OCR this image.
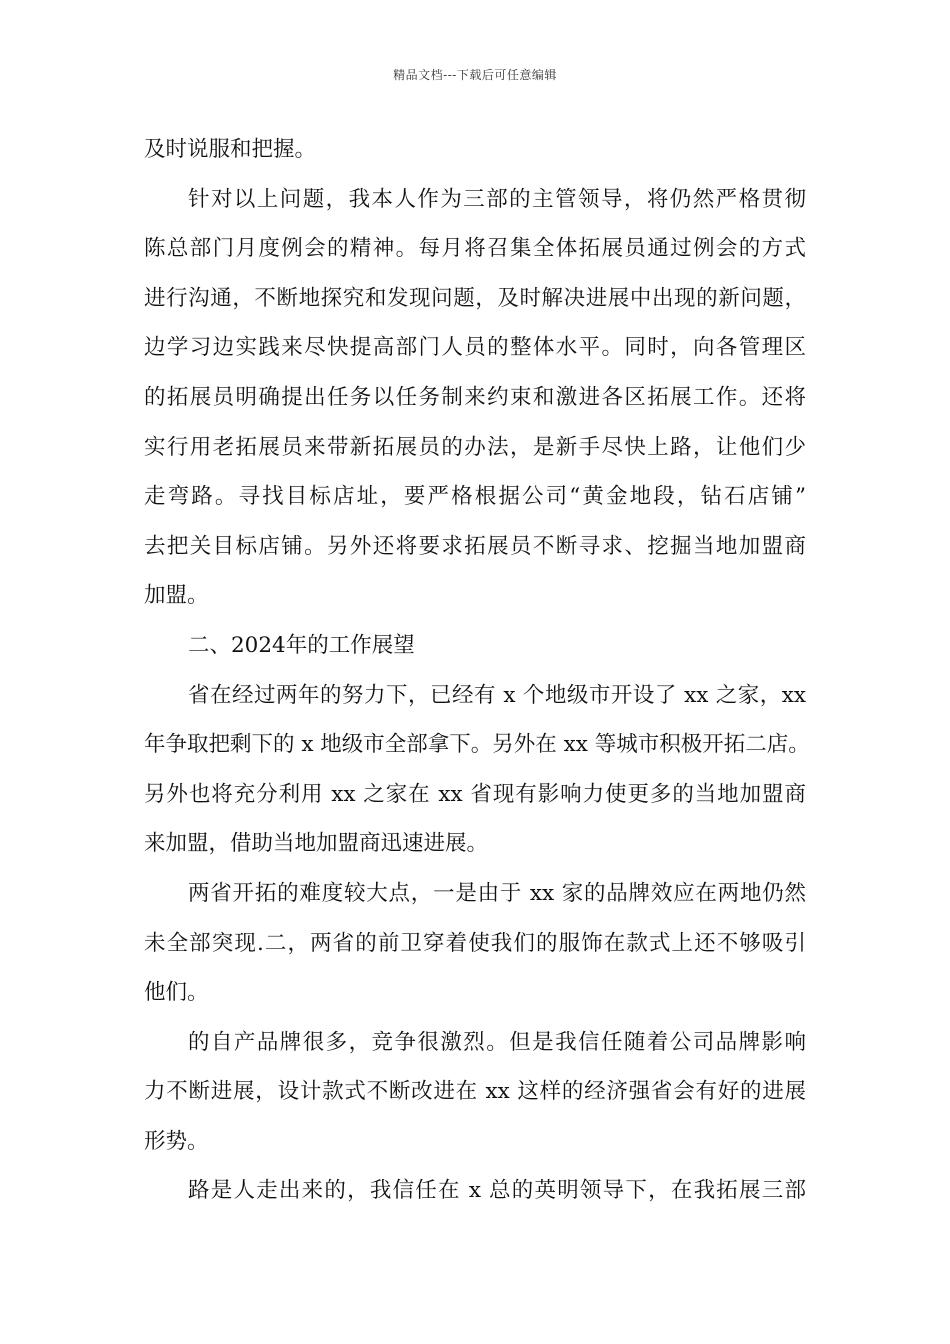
精品文档---下载后可任意编辑
及时说服和把握。
针对以上问题，我本人作为三部的主管领导，将仍然严格贯彻
陈总部门月度例会的精神。每月将召集全体拓展员通过例会的方式
进行沟通，不断地探究和发现问题，及时解决进展中出现的新问题，
边学习边实践来尽快提高部门人员的整体水平。同时，向各管理区
的拓展员明确提出任务以任务制来约束和激进各区拓展工作。还将
实行用老拓展员来带新拓展员的办法，是新手尽快上路，让他们少
走弯路。寻找目标店址，要严格根据公司“黄金地段，钻石店铺”
去把关目标店铺。另外还将要求拓展员不断寻求、挖掘当地加盟商
加盟。
二、2024年的工作展望
省在经过两年的努力下，已经有 x 个地级市开设了 xx 之家，xx
年争取把剩下的 x 地级市全部拿下。另外在 xx 等城市积极开拓二店。
另外也将充分利用 xx 之家在 xx 省现有影响力使更多的当地加盟商
来加盟，借助当地加盟商迅速进展。
两省开拓的难度较大点，一是由于 xx 家的品牌效应在两地仍然
未全部突现.二，两省的前卫穿着使我们的服饰在款式上还不够吸引
他们。
的自产品牌很多，竞争很激烈。但是我信任随着公司品牌影响
力不断进展，设计款式不断改进在 xx 这样的经济强省会有好的进展
形势。
路是人走出来的，我信任在 x 总的英明领导下，在我拓展三部
